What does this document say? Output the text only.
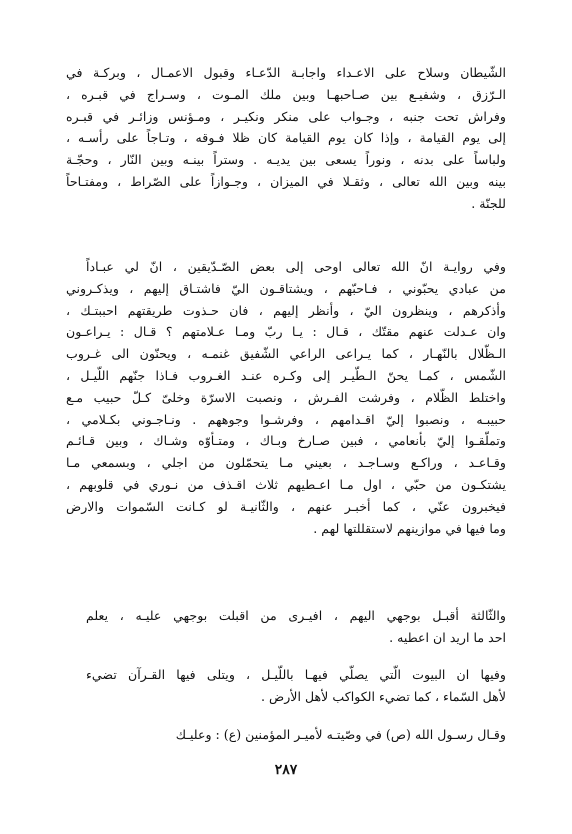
الشّيطان وسلاح على الاعـداء واجابـة الدّعـاء وقبول الاعمـال ، وبركـة في
الـرّزق ، وشفيـع بين صـاحبهـا وبين ملك المـوت ، وسـراج في قبـره ،
وفراش تحت جنبه ، وجـواب على منكر ونكيـر ، ومـؤنس وزائـر في قبـره
إلى يوم القيامة ، وإذا كان يوم القيامة كان ظلا فـوقه ، وتـاجاً على رأسـه ،
ولباساً على بدنه ، ونوراً يسعى بين يديـه . وستراً بينـه وبين النّار ، وحجّـة
بينه وبين الله تعالى ، وثقـلا في الميزان ، وجـوازاً على الصّراط ، ومفتـاحاً
للجنّة .
وفي روايـة انّ الله تعالى اوحى إلى بعض الصّـدّيقين ، انّ لي عبـاداً
من عبادي يحبّوني ، فـاحبّهم ، ويشتاقـون اليّ فاشتـاق إليهم ، ويذكـروني
وأذكرهم ، وينظرون اليّ ، وأنظر إليهم ، فان حـذوت طريقتهم احببتـك ،
وان عـدلت عنهم مقتّك ، قـال : يـا ربّ ومـا عـلامتهم ؟ قـال : يـراعـون
الـظّلال بالنّهـار ، كما يـراعى الراعي الشّفيق غنمـه ، ويحنّون الى غـروب
الشّمس ، كمـا يحنّ الـطّيـر إلى وكـره عنـد الغـروب فـاذا جنّهم اللّيـل ،
واختلط الظّلام ، وفرشت الفـرش ، ونصبت الاسرّة وخلىّ كـلّ حبيب مـع
حبيبـه ، ونصبوا إليّ اقـدامهم ، وفرشـوا وجوههم . ونـاجـوني بكـلامي ،
وتملّقـوا إليّ بأنعامي ، فبين صـارخ وبـاك ، ومتـأوّه وشـاك ، وبين قـائـم
وقـاعـد ، وراكـع وسـاجـد ، بعيني مـا يتحمّلون من اجلي ، وبسمعي مـا
يشتكـون من حبّي ، اول مـا اعـطيهم ثلاث اقـذف من نـوري في قلوبهم ،
فيخبرون عنّي ، كما أخبـر عنهم ، والثّانيـة لو كـانت السّموات والارض
وما فيها في موازينهم لاستقللتها لهم .
والثّالثة أقبـل بوجهي اليهم ، افيـرى من اقبلت بوجهي عليـه ، يعلم
احد ما اريد ان اعطيه .
وفيها ان البيوت الّتي يصلّي فيهـا باللّيـل ، ويتلى فيها القـرآن تضيء
لأهل السّماء ، كما تضيء الكواكب لأهل الأرض .
وقـال رسـول الله (ص) في وصّيتـه لأميـر المؤمنين (ع) : وعليـك
٢٨٧
